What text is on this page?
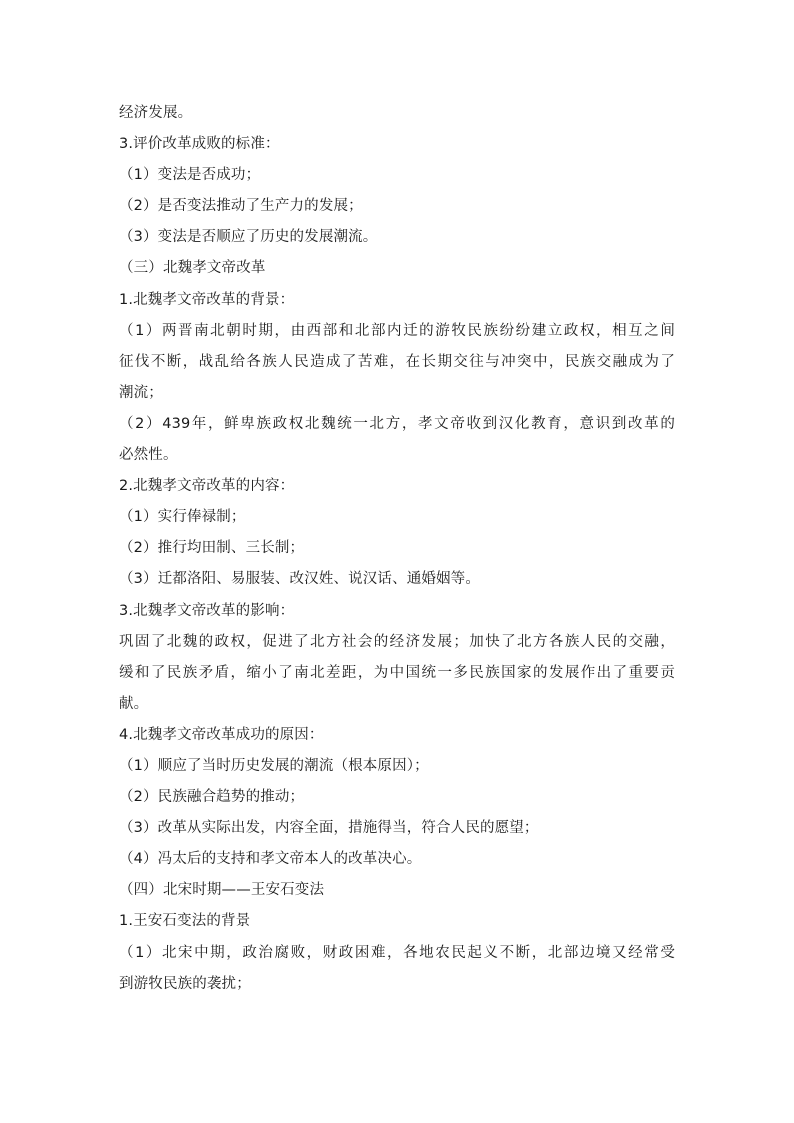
经济发展。
3.评价改革成败的标准：
（1）变法是否成功；
（2）是否变法推动了生产力的发展；
（3）变法是否顺应了历史的发展潮流。
（三）北魏孝文帝改革
1.北魏孝文帝改革的背景：
（1）两晋南北朝时期，由西部和北部内迁的游牧民族纷纷建立政权，相互之间
征伐不断，战乱给各族人民造成了苦难，在长期交往与冲突中，民族交融成为了
潮流；
（2）439年，鲜卑族政权北魏统一北方，孝文帝收到汉化教育，意识到改革的
必然性。
2.北魏孝文帝改革的内容：
（1）实行俸禄制；
（2）推行均田制、三长制；
（3）迁都洛阳、易服装、改汉姓、说汉话、通婚姻等。
3.北魏孝文帝改革的影响：
巩固了北魏的政权，促进了北方社会的经济发展；加快了北方各族人民的交融，
缓和了民族矛盾，缩小了南北差距，为中国统一多民族国家的发展作出了重要贡
献。
4.北魏孝文帝改革成功的原因：
（1）顺应了当时历史发展的潮流（根本原因）；
（2）民族融合趋势的推动；
（3）改革从实际出发，内容全面，措施得当，符合人民的愿望；
（4）冯太后的支持和孝文帝本人的改革决心。
（四）北宋时期——王安石变法
1.王安石变法的背景
（1）北宋中期，政治腐败，财政困难，各地农民起义不断，北部边境又经常受
到游牧民族的袭扰；
